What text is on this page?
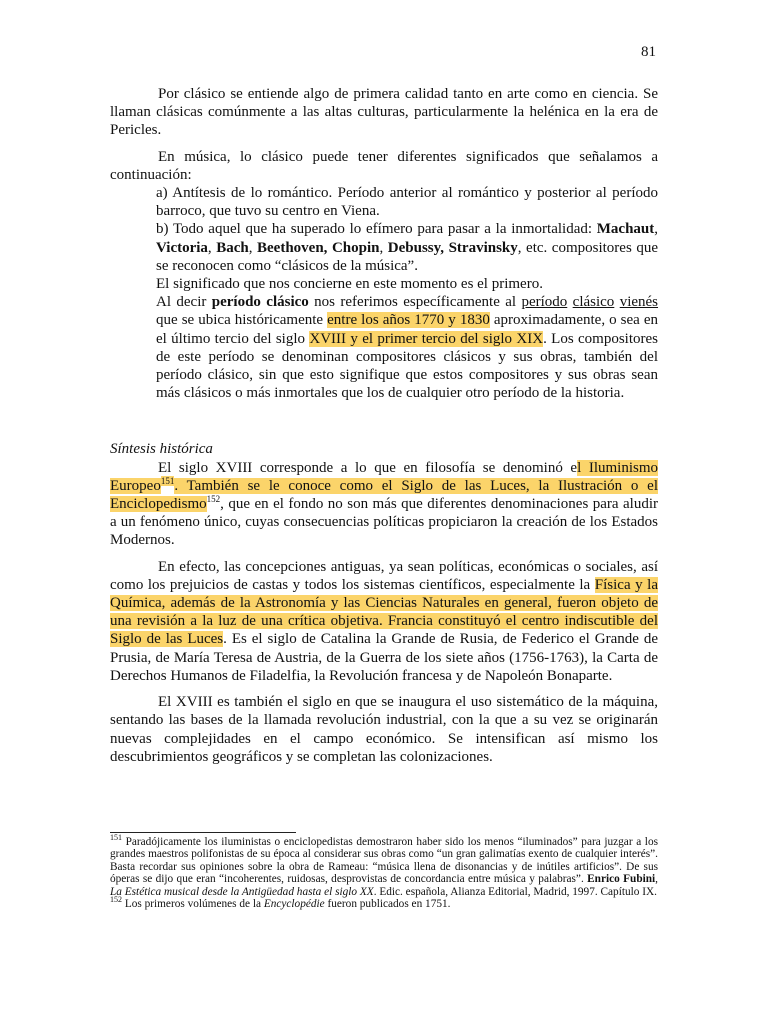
81

Por clásico se entiende algo de primera calidad tanto en arte como en ciencia. Se llaman clásicas comúnmente a las altas culturas, particularmente la helénica en la era de Pericles.

En música, lo clásico puede tener diferentes significados que señalamos a continuación:

a) Antítesis de lo romántico. Período anterior al romántico y posterior al período barroco, que tuvo su centro en Viena.

b) Todo aquel que ha superado lo efímero para pasar a la inmortalidad: Machaut, Victoria, Bach, Beethoven, Chopin, Debussy, Stravinsky, etc. compositores que se reconocen como “clásicos de la música”.

El significado que nos concierne en este momento es el primero.

Al decir período clásico nos referimos específicamente al período clásico vienés que se ubica históricamente entre los años 1770 y 1830 aproximadamente, o sea en el último tercio del siglo XVIII y el primer tercio del siglo XIX. Los compositores de este período se denominan compositores clásicos y sus obras, también del período clásico, sin que esto signifique que estos compositores y sus obras sean más clásicos o más inmortales que los de cualquier otro período de la historia.

Síntesis histórica

El siglo XVIII corresponde a lo que en filosofía se denominó el Iluminismo Europeo$^{151}$. También se le conoce como el Siglo de las Luces, la Ilustración o el Enciclopedismo$^{152}$, que en el fondo no son más que diferentes denominaciones para aludir a un fenómeno único, cuyas consecuencias políticas propiciaron la creación de los Estados Modernos.

En efecto, las concepciones antiguas, ya sean políticas, económicas o sociales, así como los prejuicios de castas y todos los sistemas científicos, especialmente la Física y la Química, además de la Astronomía y las Ciencias Naturales en general, fueron objeto de una revisión a la luz de una crítica objetiva. Francia constituyó el centro indiscutible del Siglo de las Luces. Es el siglo de Catalina la Grande de Rusia, de Federico el Grande de Prusia, de María Teresa de Austria, de la Guerra de los siete años (1756-1763), la Carta de Derechos Humanos de Filadelfia, la Revolución francesa y de Napoleón Bonaparte.

El XVIII es también el siglo en que se inaugura el uso sistemático de la máquina, sentando las bases de la llamada revolución industrial, con la que a su vez se originarán nuevas complejidades en el campo económico. Se intensifican así mismo los descubrimientos geográficos y se completan las colonizaciones.

$^{151}$ Paradójicamente los iluministas o enciclopedistas demostraron haber sido los menos “iluminados” para juzgar a los grandes maestros polifonistas de su época al considerar sus obras como “un gran galimatías exento de cualquier interés”. Basta recordar sus opiniones sobre la obra de Rameau: “música llena de disonancias y de inútiles artificios”. De sus óperas se dijo que eran “incoherentes, ruidosas, desprovistas de concordancia entre música y palabras”. Enrico Fubini, La Estética musical desde la Antigüedad hasta el siglo XX. Edic. española, Alianza Editorial, Madrid, 1997. Capítulo IX.

$^{152}$ Los primeros volúmenes de la Encyclopédie fueron publicados en 1751.
